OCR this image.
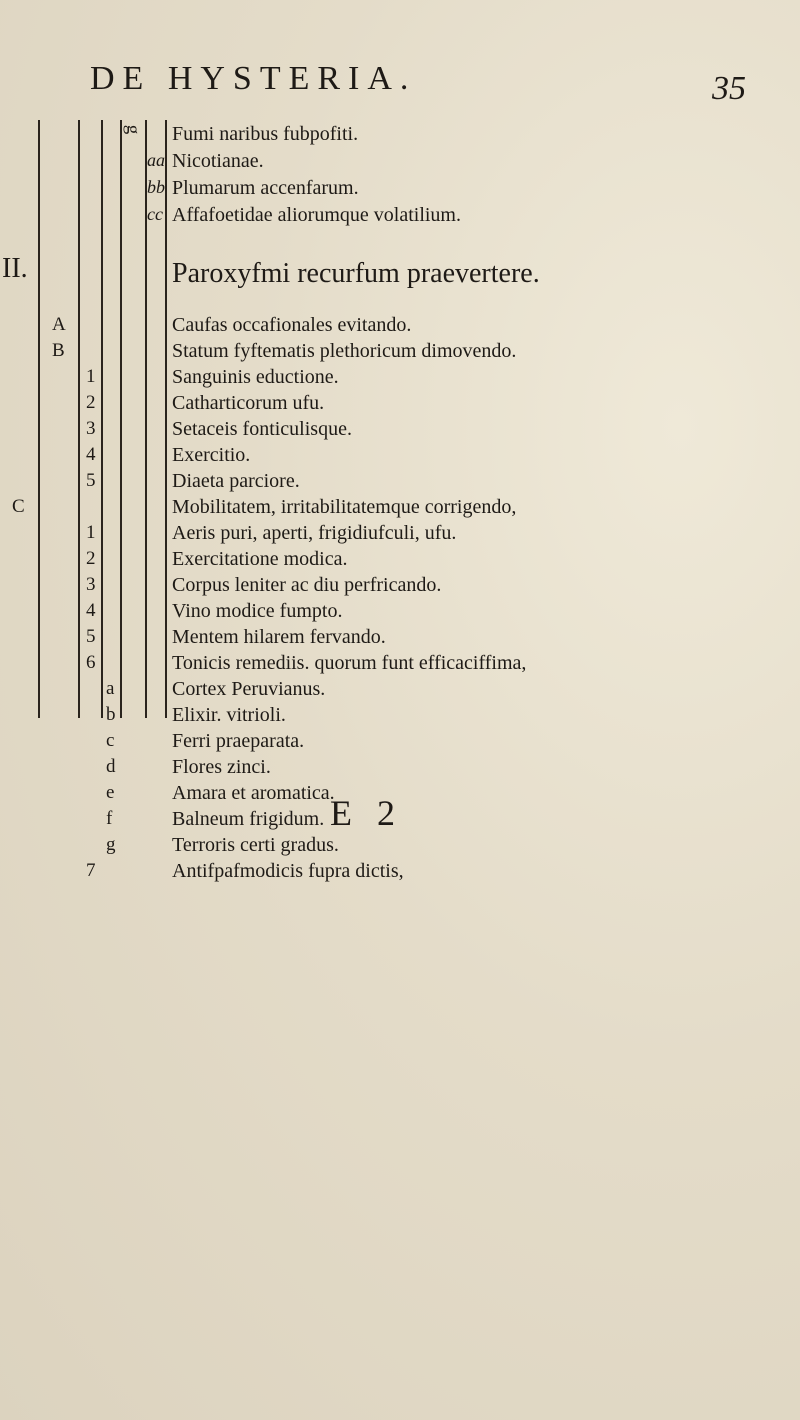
DE HYSTERIA.	35
II.
g
aa
bb
cc
Fumi naribus fubpofiti.
Nicotianae.
Plumarum accenfarum.
Affafoetidae aliorumque volatilium.
Paroxyfmi recurfum praevertere.
A
B
1
2
3
4
5
C
1
2
3
4
5
6
a
b
c
d
e
f
g
7
Caufas occafionales evitando.
Statum fyftematis plethoricum dimovendo.
Sanguinis eductione.
Catharticorum ufu.
Setaceis fonticulisque.
Exercitio.
Diaeta parciore.
Mobilitatem, irritabilitatemque corrigendo,
Aeris puri, aperti, frigidiufculi, ufu.
Exercitatione modica.
Corpus leniter ac diu perfricando.
Vino modice fumpto.
Mentem hilarem fervando.
Tonicis remediis. quorum funt efficaciffima,
Cortex Peruvianus.
Elixir. vitrioli.
Ferri praeparata.
Flores zinci.
Amara et aromatica.
Balneum frigidum.
Terroris certi gradus.
Antifpafmodicis fupra dictis,
E 2
